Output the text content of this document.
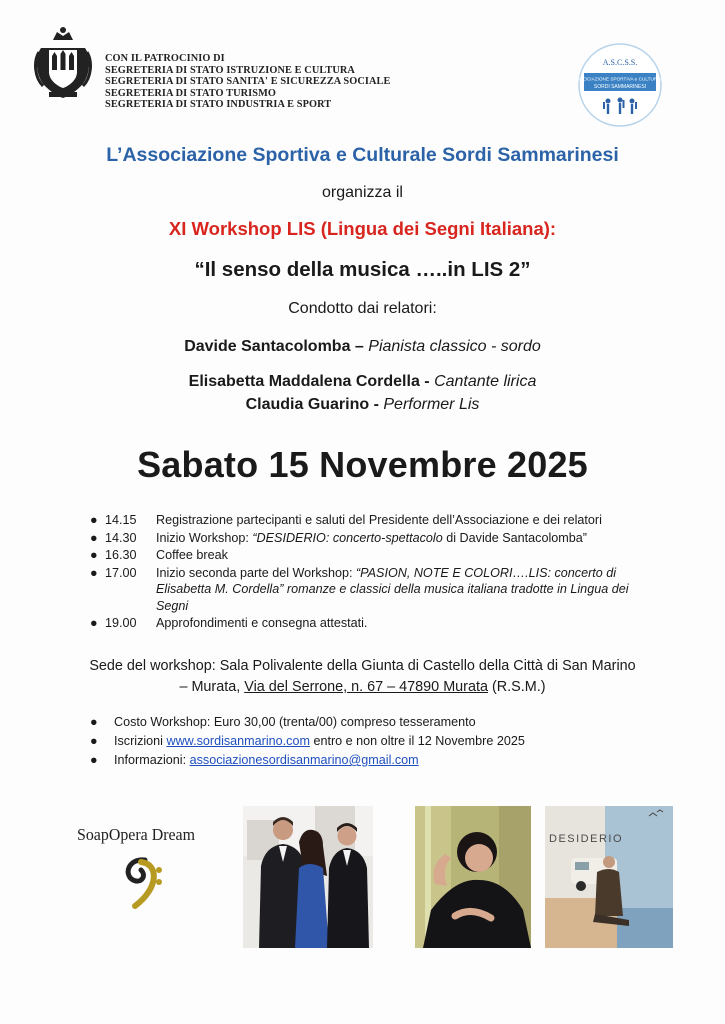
CON IL PATROCINIO DI
SEGRETERIA DI STATO ISTRUZIONE E CULTURA
SEGRETERIA DI STATO SANITA' E SICUREZZA SOCIALE
SEGRETERIA DI STATO TURISMO
SEGRETERIA DI STATO INDUSTRIA E SPORT
A.S.C.S.S.
ASSOCIAZIONE SPORTIVA e CULTURALE
SORDI SAMMARINESI
L’Associazione Sportiva e Culturale Sordi Sammarinesi
organizza il
XI Workshop LIS (Lingua dei Segni Italiana):
“Il senso della musica …..in LIS 2”
Condotto dai relatori:
Davide Santacolomba – Pianista classico - sordo
Elisabetta Maddalena Cordella - Cantante lirica
Claudia Guarino - Performer Lis
Sabato 15 Novembre 2025
● 14.15 Registrazione partecipanti e saluti del Presidente dell’Associazione e dei relatori
● 14.30 Inizio Workshop: “DESIDERIO: concerto-spettacolo di Davide Santacolomba”
● 16.30 Coffee break
● 17.00 Inizio seconda parte del Workshop: “PASION, NOTE E COLORI….LIS: concerto di Elisabetta M. Cordella” romanze e classici della musica italiana tradotte in Lingua dei Segni
● 19.00 Approfondimenti e consegna attestati.
Sede del workshop: Sala Polivalente della Giunta di Castello della Città di San Marino
– Murata, Via del Serrone, n. 67 – 47890 Murata (R.S.M.)
● Costo Workshop: Euro 30,00 (trenta/00) compreso tesseramento
● Iscrizioni www.sordisanmarino.com entro e non oltre il 12 Novembre 2025
● Informazioni: associazionesordisanmarino@gmail.com
SoapOpera Dream	DESIDERIO
